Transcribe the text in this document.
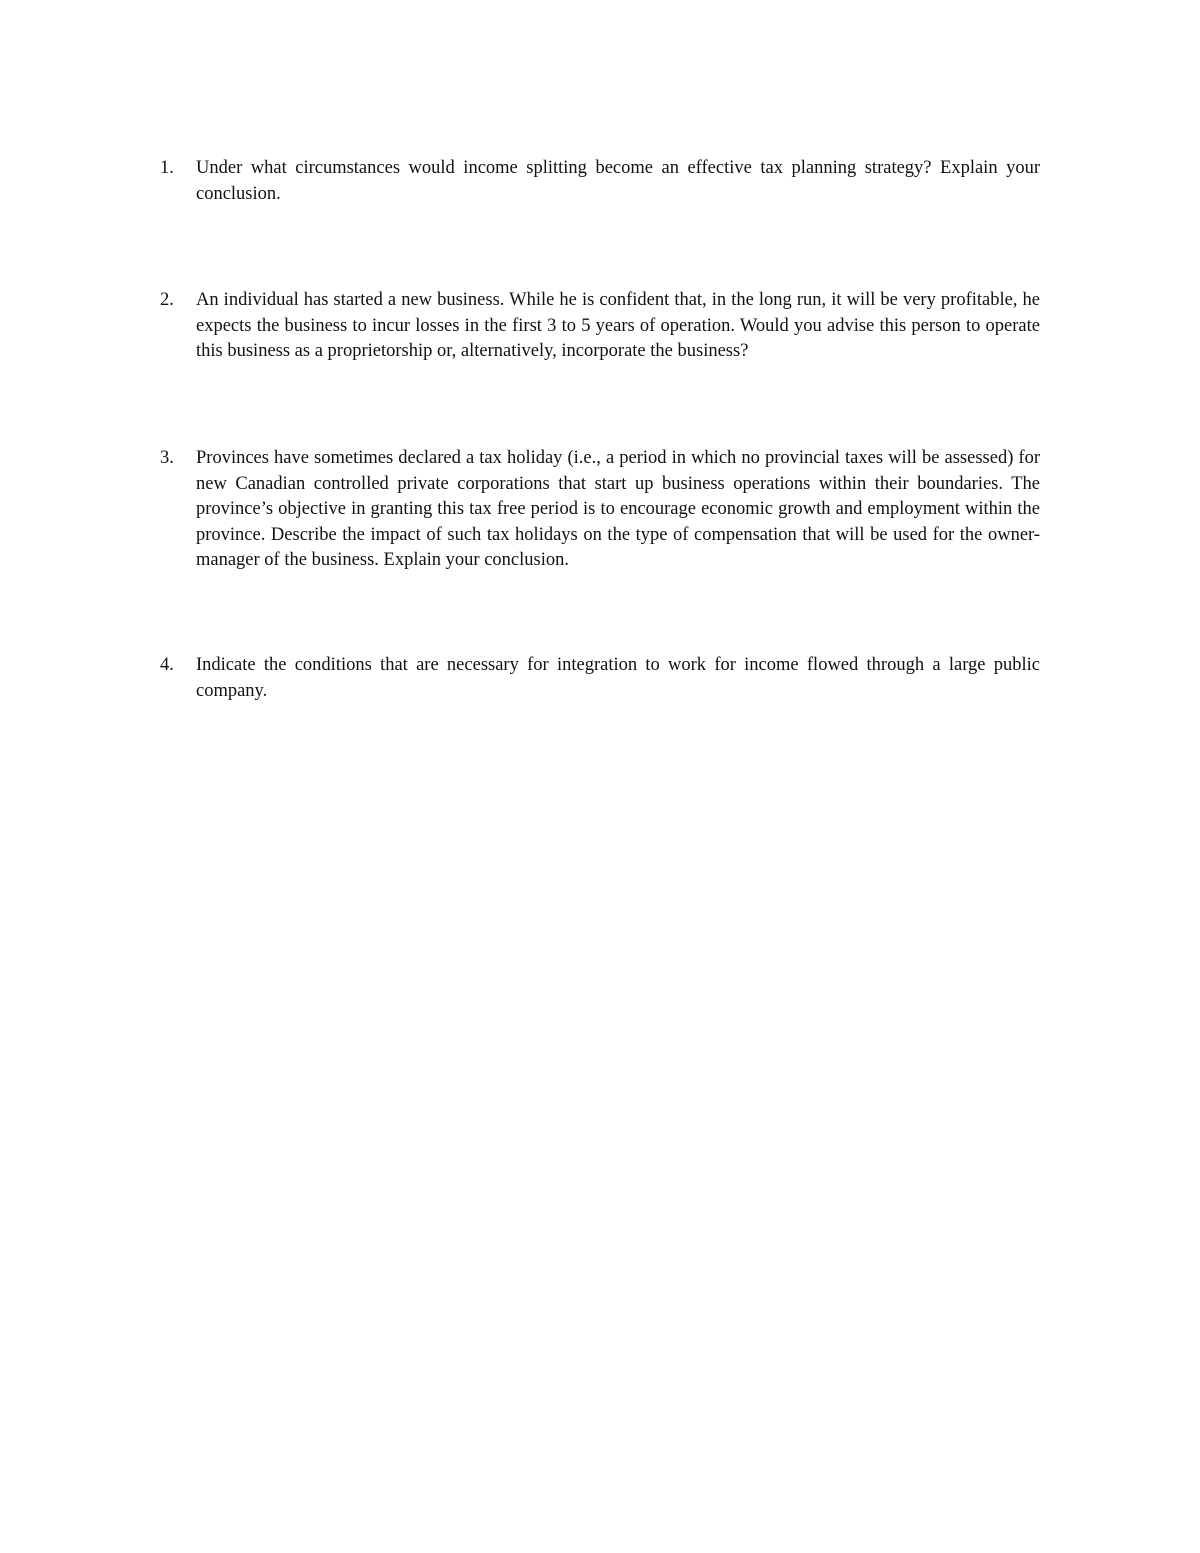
1.	Under what circumstances would income splitting become an effective tax planning strategy? Explain your conclusion.
2.	An individual has started a new business. While he is confident that, in the long run, it will be very profitable, he expects the business to incur losses in the first 3 to 5 years of operation. Would you advise this person to operate this business as a proprietorship or, alternatively, incorporate the business?
3.	Provinces have sometimes declared a tax holiday (i.e., a period in which no provincial taxes will be assessed) for new Canadian controlled private corporations that start up business operations within their boundaries. The province’s objective in granting this tax free period is to encourage economic growth and employment within the province. Describe the impact of such tax holidays on the type of compensation that will be used for the owner-manager of the business. Explain your conclusion.
4.	Indicate the conditions that are necessary for integration to work for income flowed through a large public company.
